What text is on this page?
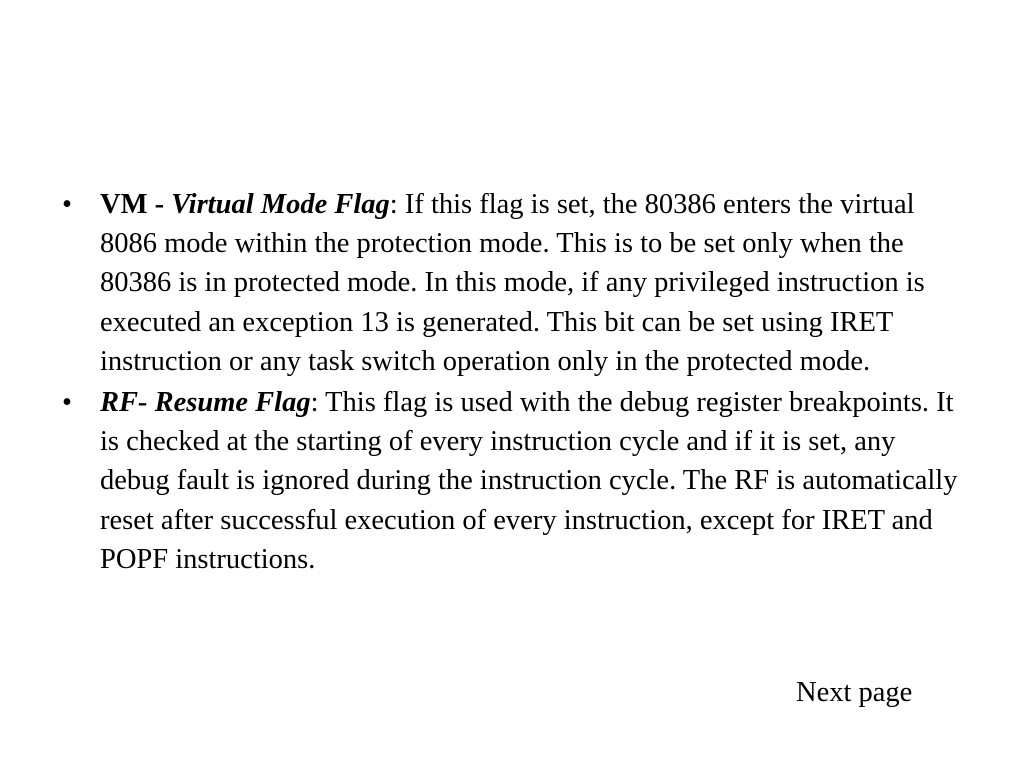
• VM - Virtual Mode Flag: If this flag is set, the 80386 enters the virtual 8086 mode within the protection mode. This is to be set only when the 80386 is in protected mode. In this mode, if any privileged instruction is executed an exception 13 is generated. This bit can be set using IRET instruction or any task switch operation only in the protected mode.
• RF- Resume Flag: This flag is used with the debug register breakpoints. It is checked at the starting of every instruction cycle and if it is set, any debug fault is ignored during the instruction cycle. The RF is automatically reset after successful execution of every instruction, except for IRET and POPF instructions.
Next page
